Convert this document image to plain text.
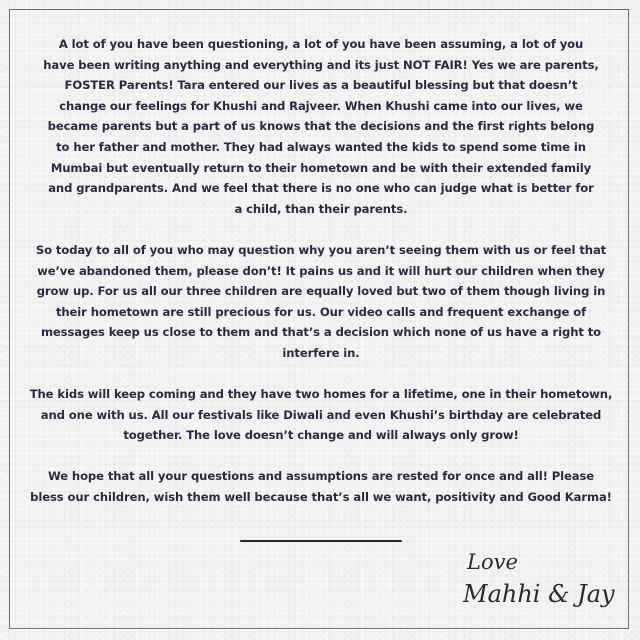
A lot of you have been questioning, a lot of you have been assuming, a lot of you

have been writing anything and everything and its just NOT FAIR! Yes we are parents,

FOSTER Parents! Tara entered our lives as a beautiful blessing but that doesn’t

change our feelings for Khushi and Rajveer. When Khushi came into our lives, we

became parents but a part of us knows that the decisions and the first rights belong

to her father and mother. They had always wanted the kids to spend some time in

Mumbai but eventually return to their hometown and be with their extended family

and grandparents. And we feel that there is no one who can judge what is better for

a child, than their parents.

So today to all of you who may question why you aren’t seeing them with us or feel that

we’ve abandoned them, please don’t! It pains us and it will hurt our children when they

grow up. For us all our three children are equally loved but two of them though living in

their hometown are still precious for us. Our video calls and frequent exchange of

messages keep us close to them and that’s a decision which none of us have a right to

interfere in.

The kids will keep coming and they have two homes for a lifetime, one in their hometown,

and one with us. All our festivals like Diwali and even Khushi’s birthday are celebrated

together. The love doesn’t change and will always only grow!

We hope that all your questions and assumptions are rested for once and all! Please

bless our children, wish them well because that’s all we want, positivity and Good Karma!

Love

Mahhi & Jay
